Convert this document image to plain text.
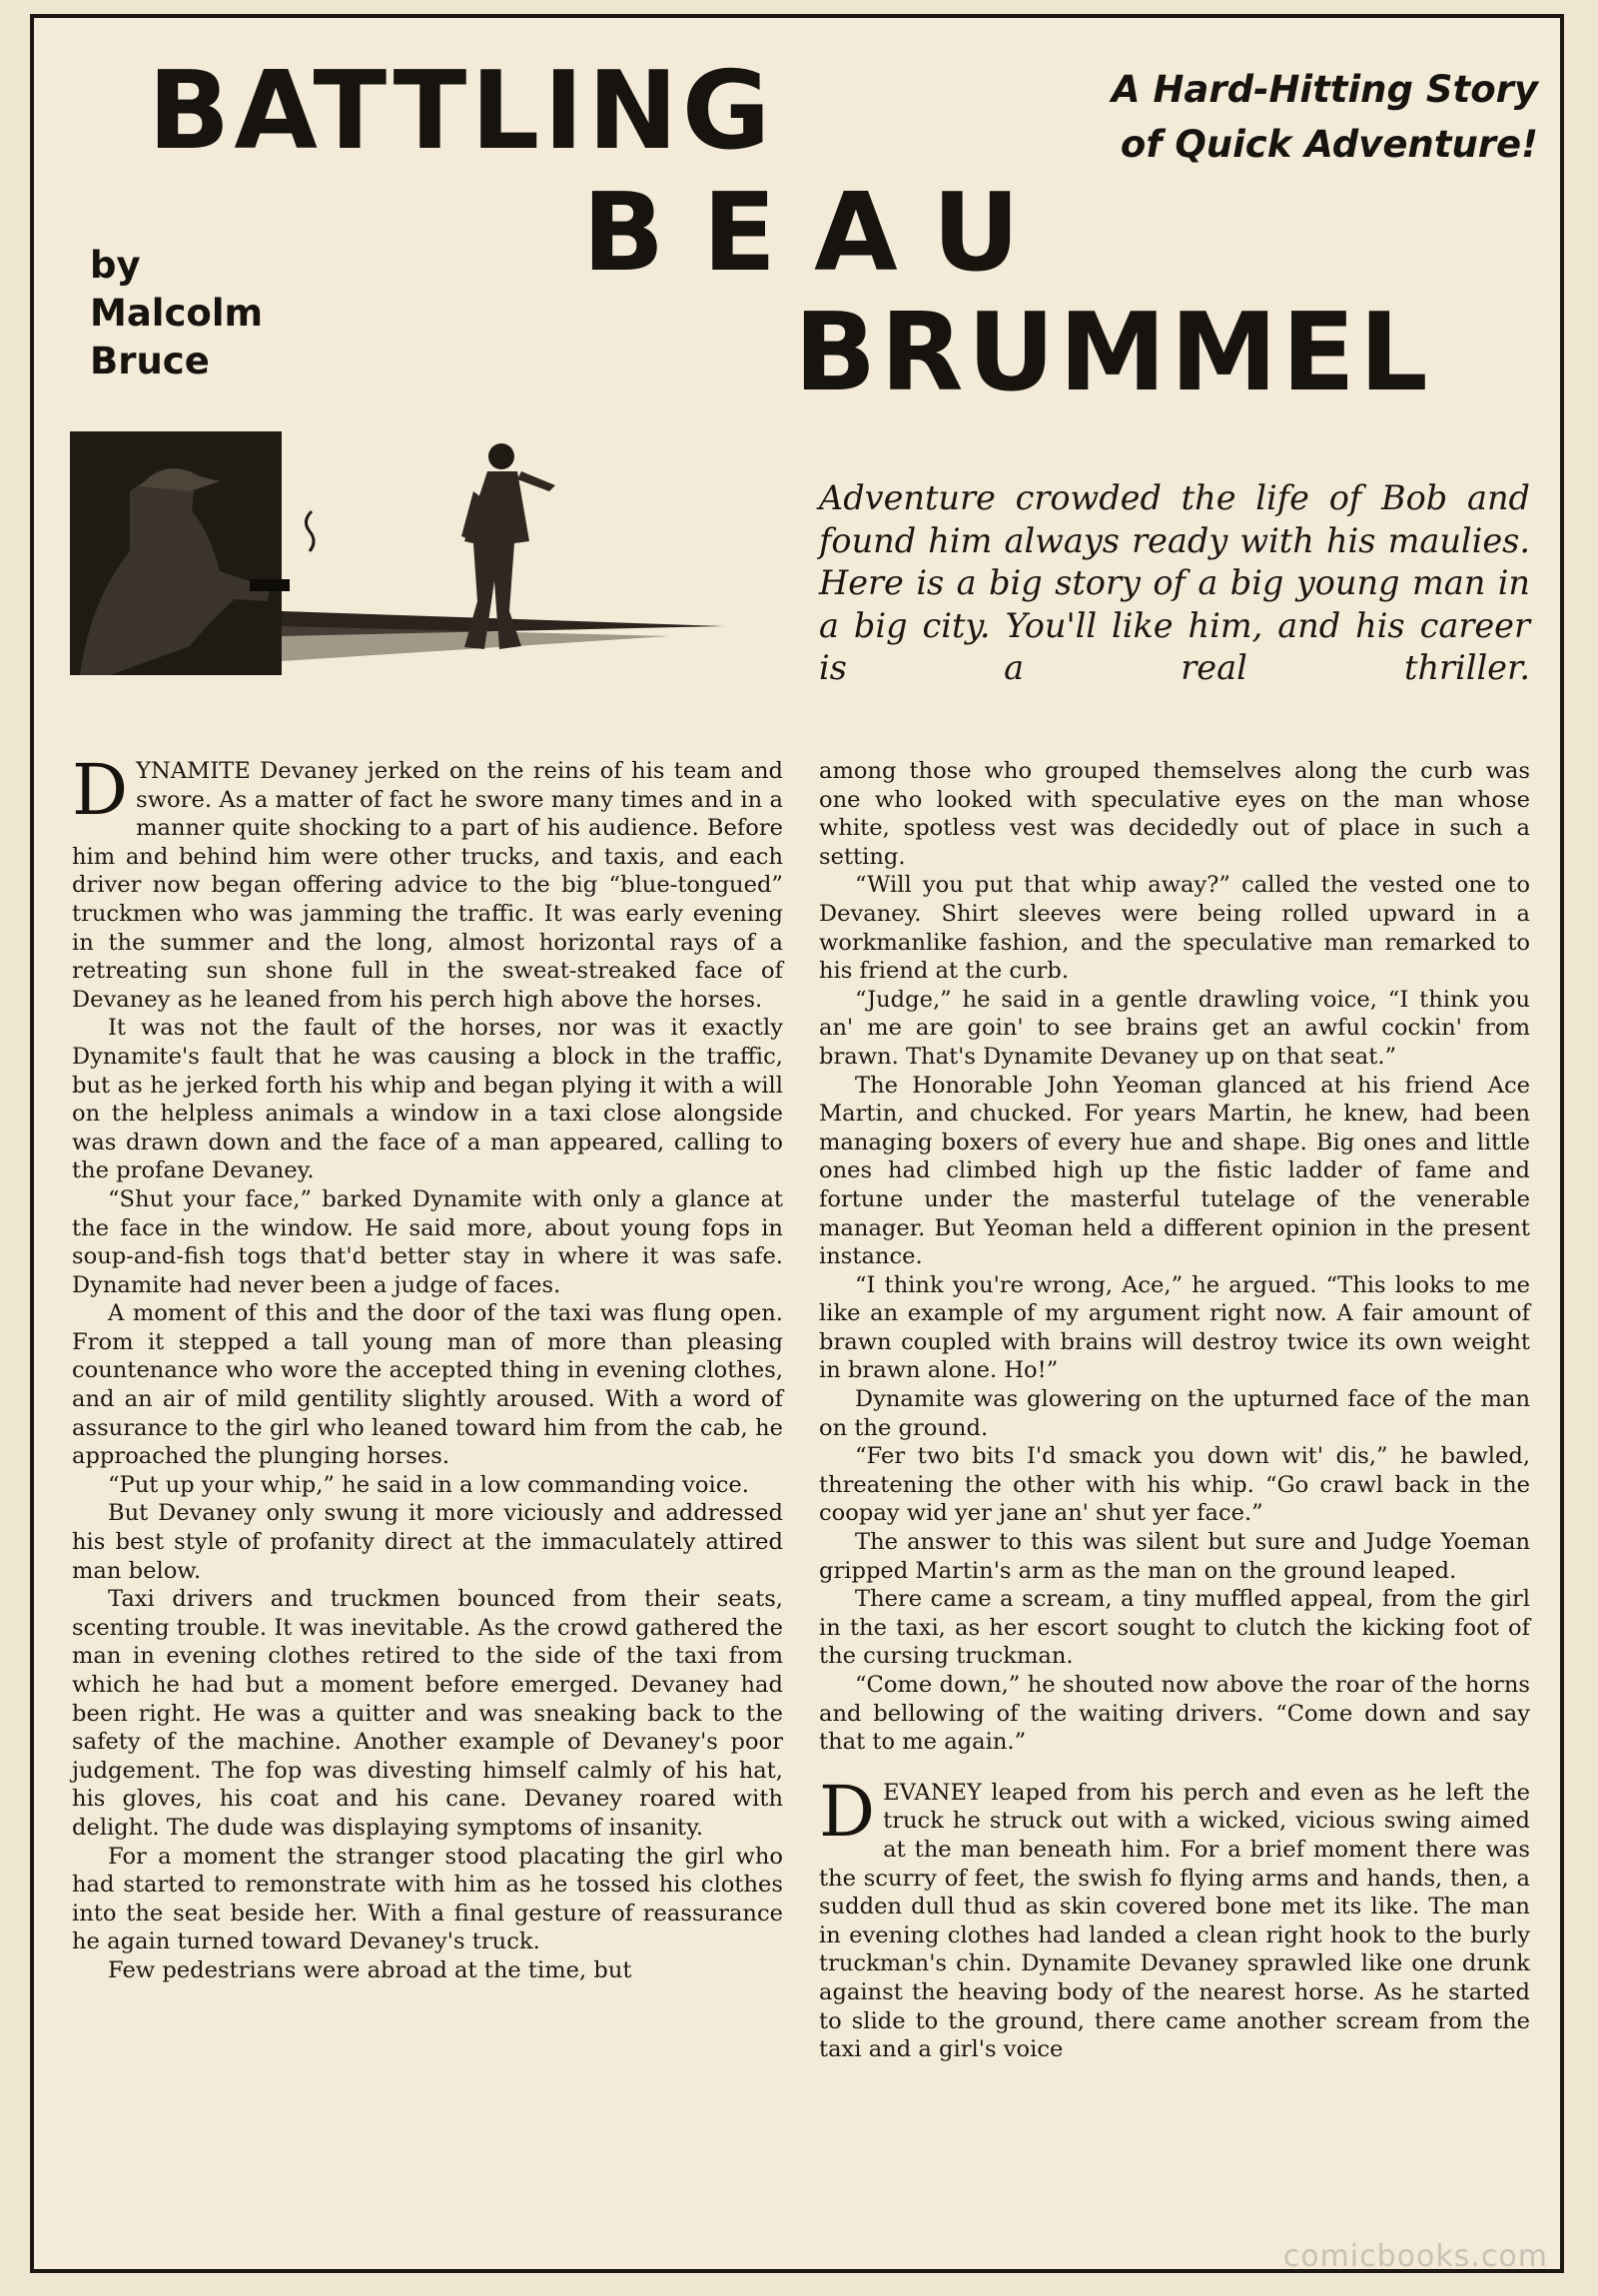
BATTLING
BEAU
BRUMMEL
by
Malcolm
Bruce
A Hard-Hitting Story
of Quick Adventure!

Adventure crowded the life of Bob and found him always ready with his maulies. Here is a big story of a big young man in a big city. You'll like him, and his career is a real thriller.

DYNAMITE Devaney jerked on the reins of his team and swore. As a matter of fact he swore many times and in a manner quite shocking to a part of his audience. Before him and behind him were other trucks, and taxis, and each driver now began offering advice to the big “blue-tongued” truckmen who was jamming the traffic. It was early evening in the summer and the long, almost horizontal rays of a retreating sun shone full in the sweat-streaked face of Devaney as he leaned from his perch high above the horses.

It was not the fault of the horses, nor was it exactly Dynamite's fault that he was causing a block in the traffic, but as he jerked forth his whip and began plying it with a will on the helpless animals a window in a taxi close alongside was drawn down and the face of a man appeared, calling to the profane Devaney.

“Shut your face,” barked Dynamite with only a glance at the face in the window. He said more, about young fops in soup-and-fish togs that'd better stay in where it was safe. Dynamite had never been a judge of faces.

A moment of this and the door of the taxi was flung open. From it stepped a tall young man of more than pleasing countenance who wore the accepted thing in evening clothes, and an air of mild gentility slightly aroused. With a word of assurance to the girl who leaned toward him from the cab, he approached the plunging horses.

“Put up your whip,” he said in a low commanding voice.

But Devaney only swung it more viciously and addressed his best style of profanity direct at the immaculately attired man below.

Taxi drivers and truckmen bounced from their seats, scenting trouble. It was inevitable. As the crowd gathered the man in evening clothes retired to the side of the taxi from which he had but a moment before emerged. Devaney had been right. He was a quitter and was sneaking back to the safety of the machine. Another example of Devaney's poor judgement. The fop was divesting himself calmly of his hat, his gloves, his coat and his cane. Devaney roared with delight. The dude was displaying symptoms of insanity.

For a moment the stranger stood placating the girl who had started to remonstrate with him as he tossed his clothes into the seat beside her. With a final gesture of reassurance he again turned toward Devaney's truck.

Few pedestrians were abroad at the time, but

among those who grouped themselves along the curb was one who looked with speculative eyes on the man whose white, spotless vest was decidedly out of place in such a setting.

“Will you put that whip away?” called the vested one to Devaney. Shirt sleeves were being rolled upward in a workmanlike fashion, and the speculative man remarked to his friend at the curb.

“Judge,” he said in a gentle drawling voice, “I think you an' me are goin' to see brains get an awful cockin' from brawn. That's Dynamite Devaney up on that seat.”

The Honorable John Yeoman glanced at his friend Ace Martin, and chucked. For years Martin, he knew, had been managing boxers of every hue and shape. Big ones and little ones had climbed high up the fistic ladder of fame and fortune under the masterful tutelage of the venerable manager. But Yeoman held a different opinion in the present instance.

“I think you're wrong, Ace,” he argued. “This looks to me like an example of my argument right now. A fair amount of brawn coupled with brains will destroy twice its own weight in brawn alone. Ho!”

Dynamite was glowering on the upturned face of the man on the ground.

“Fer two bits I'd smack you down wit' dis,” he bawled, threatening the other with his whip. “Go crawl back in the coopay wid yer jane an' shut yer face.”

The answer to this was silent but sure and Judge Yoeman gripped Martin's arm as the man on the ground leaped.

There came a scream, a tiny muffled appeal, from the girl in the taxi, as her escort sought to clutch the kicking foot of the cursing truckman.

“Come down,” he shouted now above the roar of the horns and bellowing of the waiting drivers. “Come down and say that to me again.”

DEVANEY leaped from his perch and even as he left the truck he struck out with a wicked, vicious swing aimed at the man beneath him. For a brief moment there was the scurry of feet, the swish fo flying arms and hands, then, a sudden dull thud as skin covered bone met its like. The man in evening clothes had landed a clean right hook to the burly truckman's chin. Dynamite Devaney sprawled like one drunk against the heaving body of the nearest horse. As he started to slide to the ground, there came another scream from the taxi and a girl's voice

comicbooks.com
